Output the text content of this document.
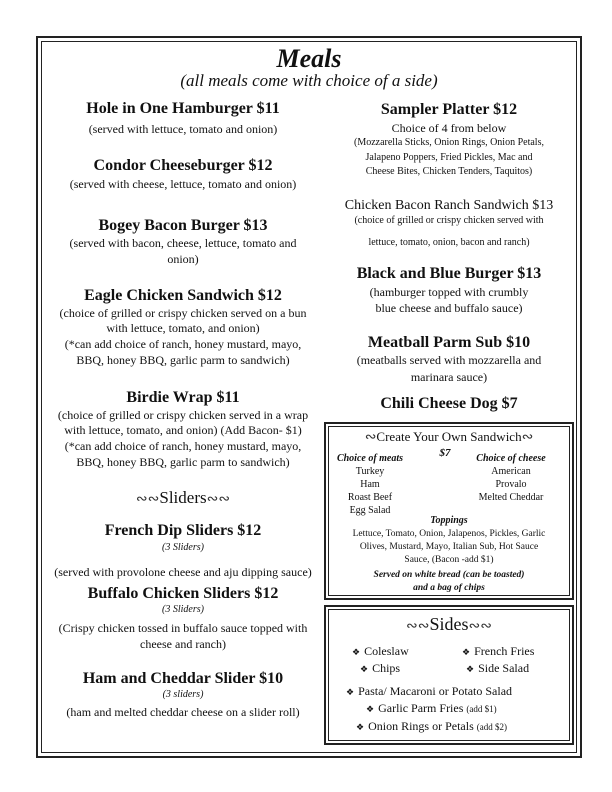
Meals
(all meals come with choice of a side)
Hole in One Hamburger $11
(served with lettuce, tomato and onion)
Condor Cheeseburger $12
(served with cheese, lettuce, tomato and onion)
Bogey Bacon Burger $13
(served with bacon, cheese, lettuce, tomato and
onion)
Eagle Chicken Sandwich $12
(choice of grilled or crispy chicken served on a bun
with lettuce, tomato, and onion)
(*can add choice of ranch, honey mustard, mayo,
BBQ, honey BBQ, garlic parm to sandwich)
Birdie Wrap $11
(choice of grilled or crispy chicken served in a wrap
with lettuce, tomato, and onion) (Add Bacon- $1)
(*can add choice of ranch, honey mustard, mayo,
BBQ, honey BBQ, garlic parm to sandwich)
∾∾Sliders∾∾
French Dip Sliders $12
(3 Sliders)
(served with provolone cheese and aju dipping sauce)
Buffalo Chicken Sliders $12
(3 Sliders)
(Crispy chicken tossed in buffalo sauce topped with
cheese and ranch)
Ham and Cheddar Slider $10
(3 sliders)
(ham and melted cheddar cheese on a slider roll)
Sampler Platter $12
Choice of 4 from below
(Mozzarella Sticks, Onion Rings, Onion Petals,
Jalapeno Poppers, Fried Pickles, Mac and
Cheese Bites, Chicken Tenders, Taquitos)
Chicken Bacon Ranch Sandwich $13
(choice of grilled or crispy chicken served with
lettuce, tomato, onion, bacon and ranch)
Black and Blue Burger $13
(hamburger topped with crumbly
blue cheese and buffalo sauce)
Meatball Parm Sub $10
(meatballs served with mozzarella and
marinara sauce)
Chili Cheese Dog $7
∾Create Your Own Sandwich∾
$7
Choice of meats
Turkey
Ham
Roast Beef
Egg Salad
Choice of cheese
American
Provalo
Melted Cheddar
Toppings
Lettuce, Tomato, Onion, Jalapenos, Pickles, Garlic
Olives, Mustard, Mayo, Italian Sub, Hot Sauce
Sauce, (Bacon -add $1)
Served on white bread (can be toasted)
and a bag of chips
∾∾Sides∾∾
❖ Coleslaw	❖ French Fries
❖ Chips	❖ Side Salad
❖ Pasta/ Macaroni or Potato Salad
❖ Garlic Parm Fries (add $1)
❖ Onion Rings or Petals (add $2)
